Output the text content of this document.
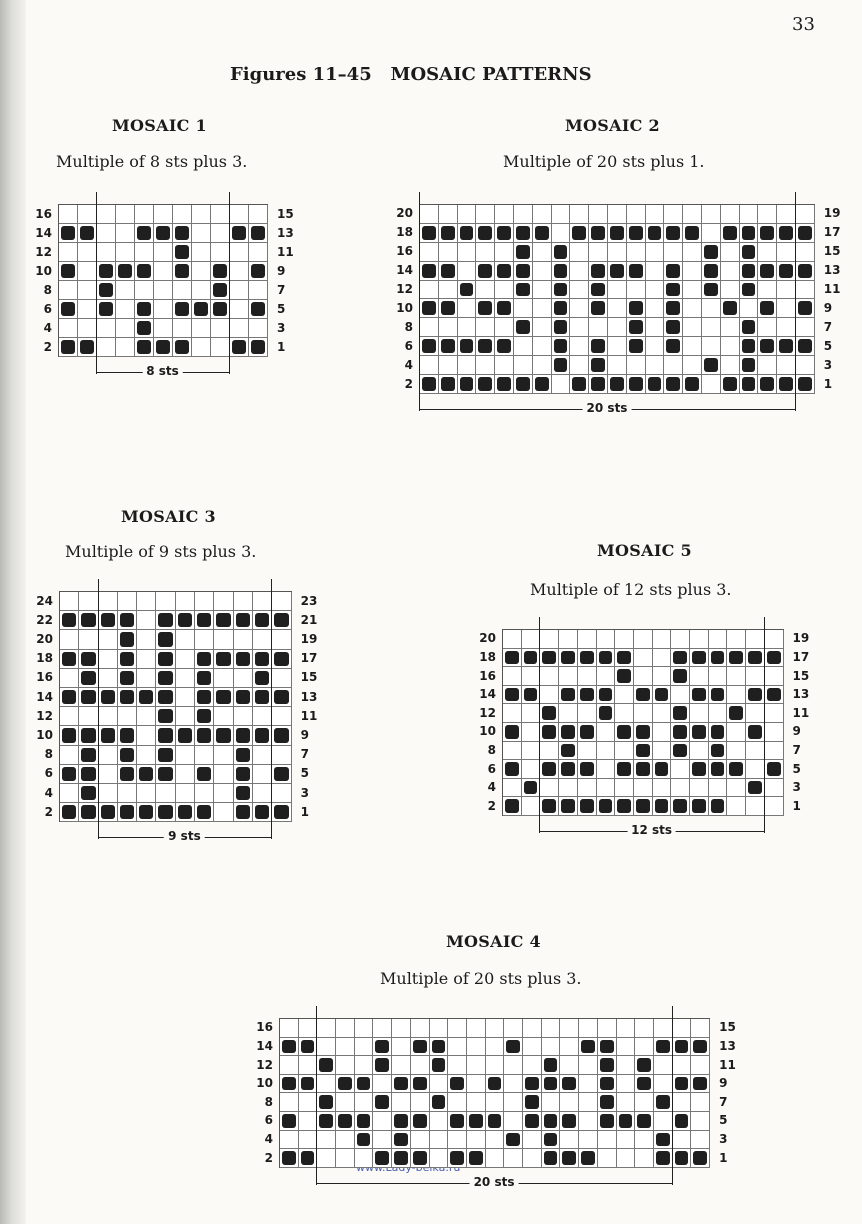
33
Figures 11–45   MOSAIC PATTERNS
MOSAIC 1
Multiple of 8 sts plus 3.
MOSAIC 2
Multiple of 20 sts plus 1.
MOSAIC 3
Multiple of 9 sts plus 3.	MOSAIC 5
Multiple of 12 sts plus 3.
MOSAIC 4
Multiple of 20 sts plus 3.
16	15
14	13
12	11
10	9
8	7
6	5
4	3
2	1
8 sts
20	19
18	17
16	15
14	13
12	11
10	9
8	7
6	5
4	3
2	1
20 sts
24	23
22	21
20	19
18	17
16	15
14	13
12	11
10	9
8	7
6	5
4	3
2	1
9 sts
20	19
18	17
16	15
14	13
12	11
10	9
8	7
6	5
4	3
2	1
12 sts
16	15
14	13
12	11
10	9
8	7
6	5
4	3
2	1
20 sts
